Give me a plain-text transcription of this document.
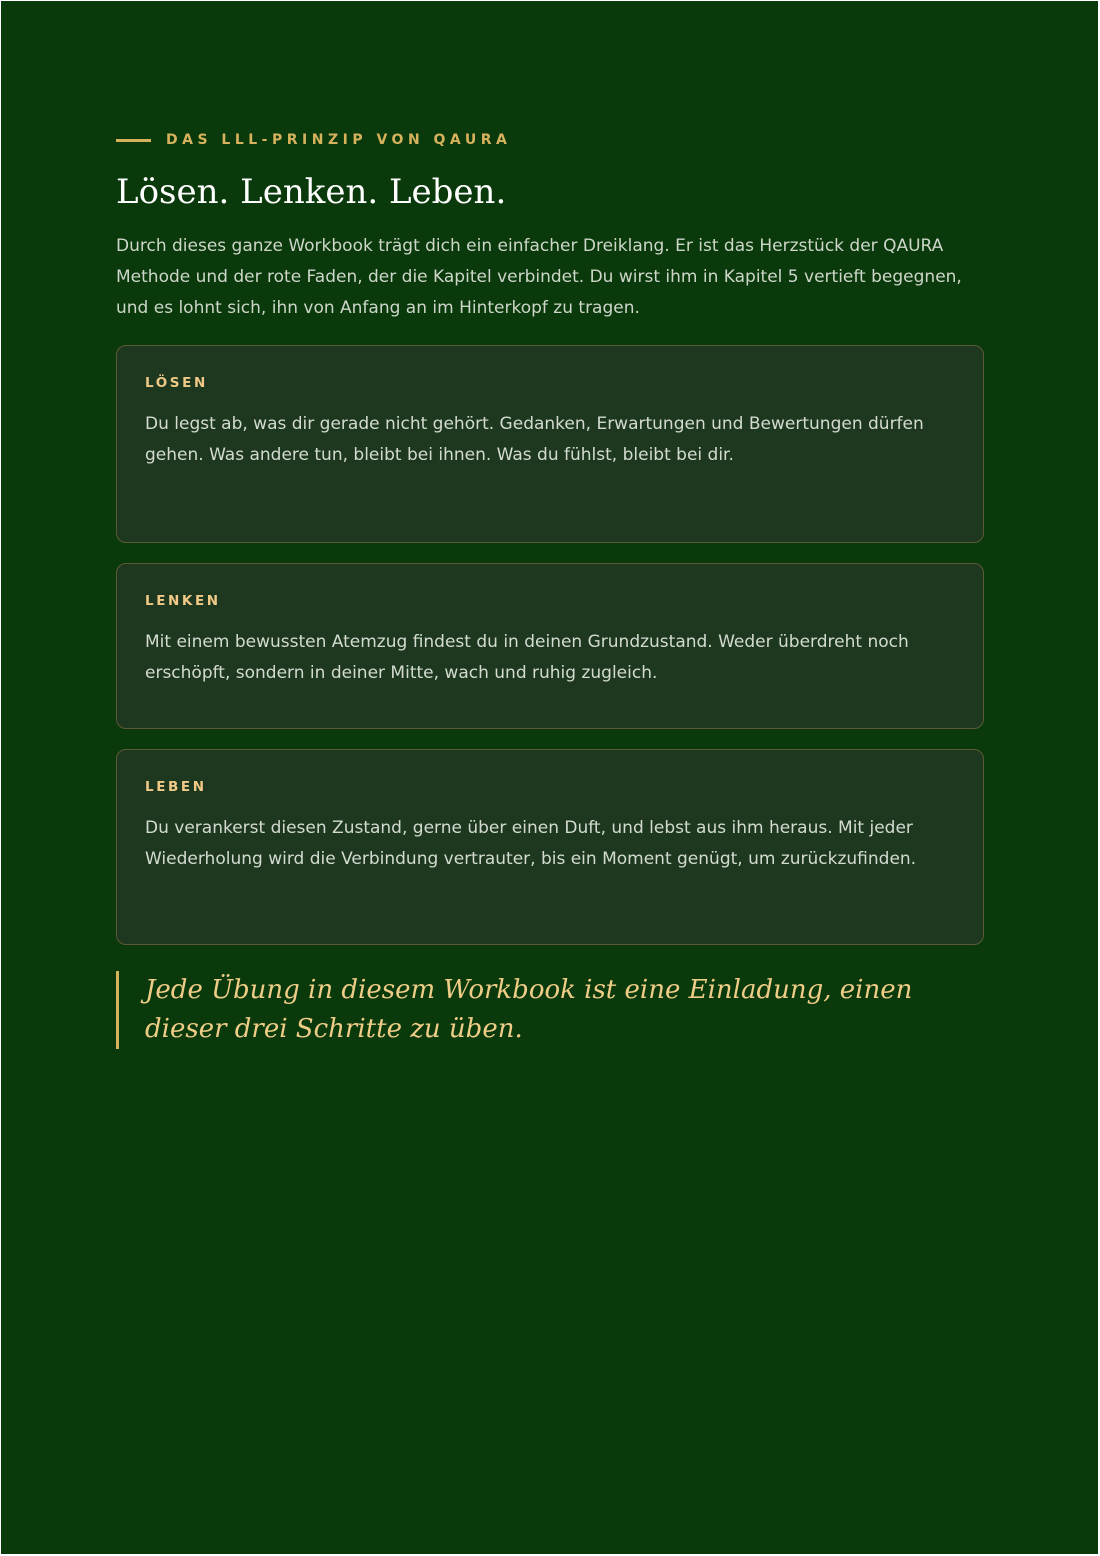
DAS LLL-PRINZIP VON QAURA
Lösen. Lenken. Leben.

Durch dieses ganze Workbook trägt dich ein einfacher Dreiklang. Er ist das Herzstück der QAURA Methode und der rote Faden, der die Kapitel verbindet. Du wirst ihm in Kapitel 5 vertieft begegnen, und es lohnt sich, ihn von Anfang an im Hinterkopf zu tragen.

LÖSEN
Du legst ab, was dir gerade nicht gehört. Gedanken, Erwartungen und Bewertungen dürfen gehen. Was andere tun, bleibt bei ihnen. Was du fühlst, bleibt bei dir.
LENKEN
Mit einem bewussten Atemzug findest du in deinen Grundzustand. Weder überdreht noch erschöpft, sondern in deiner Mitte, wach und ruhig zugleich.
LEBEN
Du verankerst diesen Zustand, gerne über einen Duft, und lebst aus ihm heraus. Mit jeder Wiederholung wird die Verbindung vertrauter, bis ein Moment genügt, um zurückzufinden.
Jede Übung in diesem Workbook ist eine Einladung, einen dieser drei Schritte zu üben.
